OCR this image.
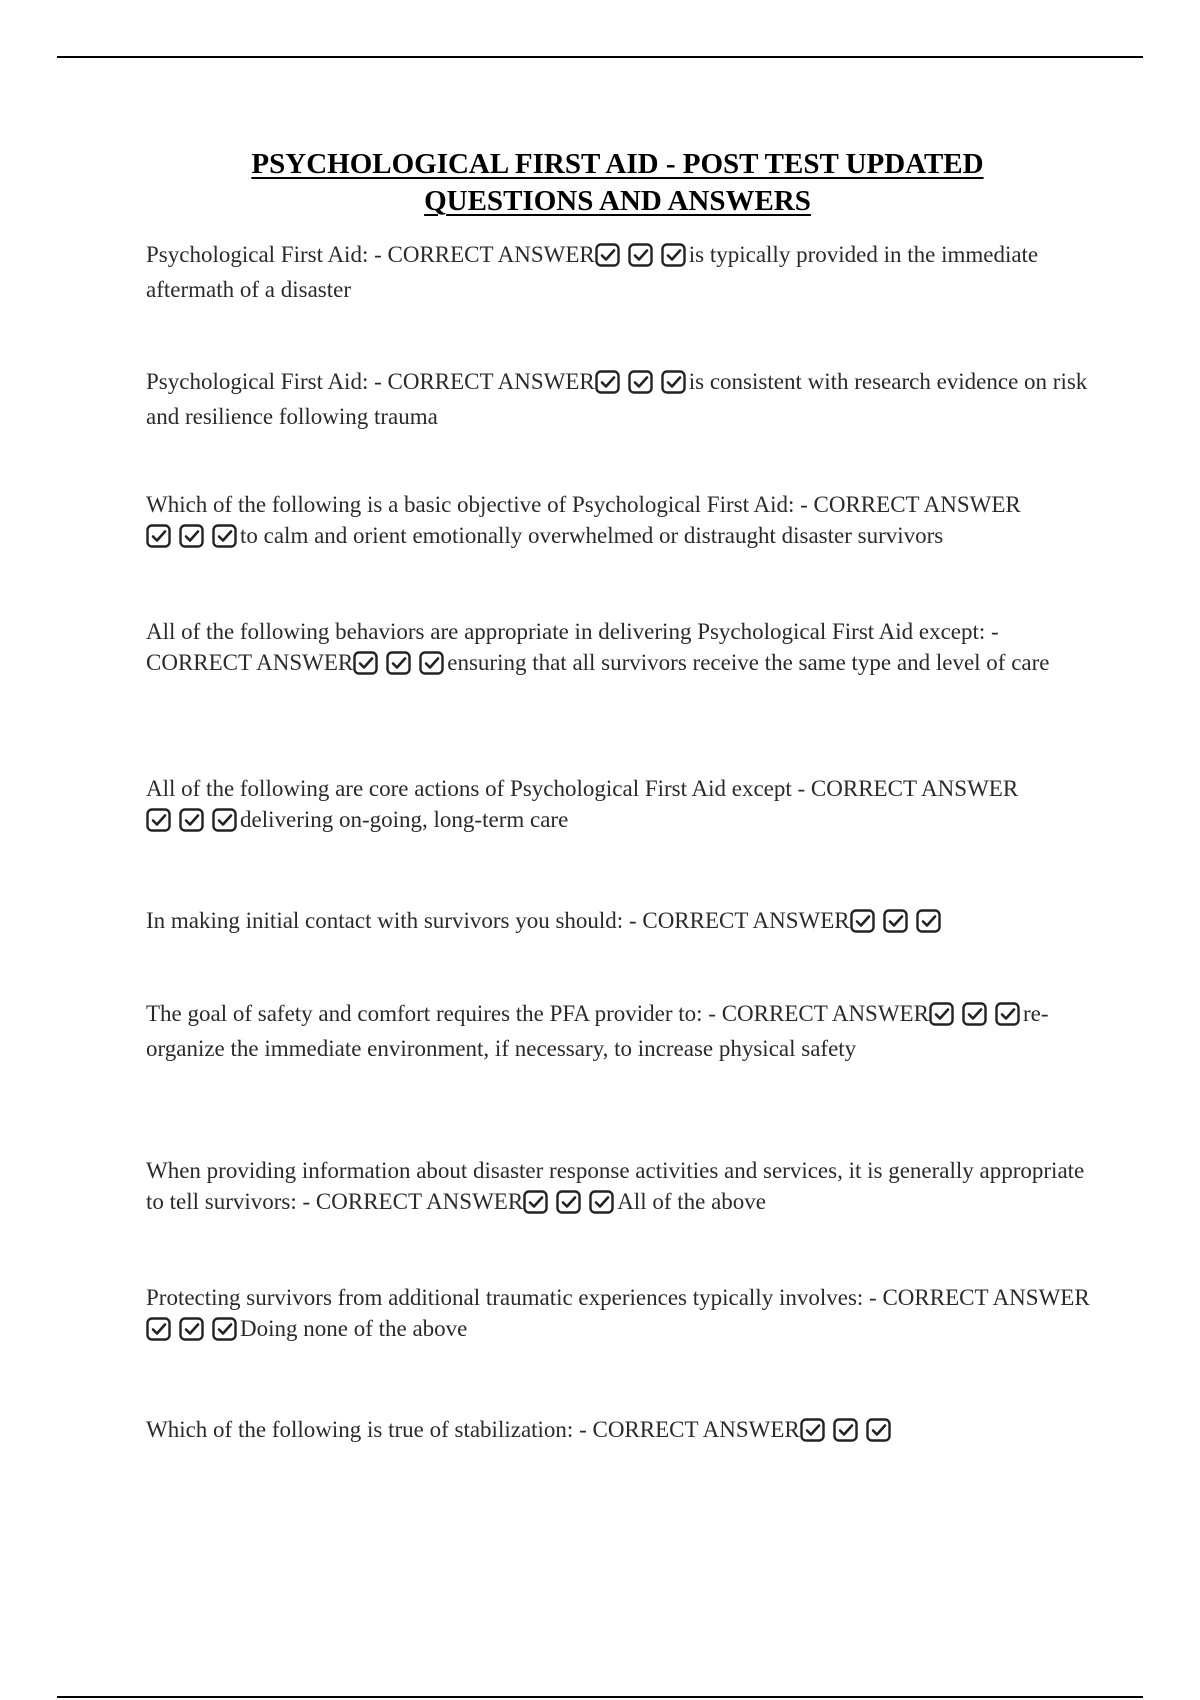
PSYCHOLOGICAL FIRST AID - POST TEST UPDATED
QUESTIONS AND ANSWERS

Psychological First Aid: - CORRECT ANSWER	is typically provided in the immediate aftermath of a disaster

Psychological First Aid: - CORRECT ANSWER	is consistent with research evidence on risk and resilience following trauma

Which of the following is a basic objective of Psychological First Aid: - CORRECT ANSWER
to calm and orient emotionally overwhelmed or distraught disaster survivors

All of the following behaviors are appropriate in delivering Psychological First Aid except: - CORRECT ANSWER	ensuring that all survivors receive the same type and level of care

All of the following are core actions of Psychological First Aid except - CORRECT ANSWER
delivering on-going, long-term care

In making initial contact with survivors you should: - CORRECT ANSWER

The goal of safety and comfort requires the PFA provider to: - CORRECT ANSWER	re-organize the immediate environment, if necessary, to increase physical safety

When providing information about disaster response activities and services, it is generally appropriate to tell survivors: - CORRECT ANSWER	All of the above

Protecting survivors from additional traumatic experiences typically involves: - CORRECT ANSWER
Doing none of the above

Which of the following is true of stabilization: - CORRECT ANSWER
